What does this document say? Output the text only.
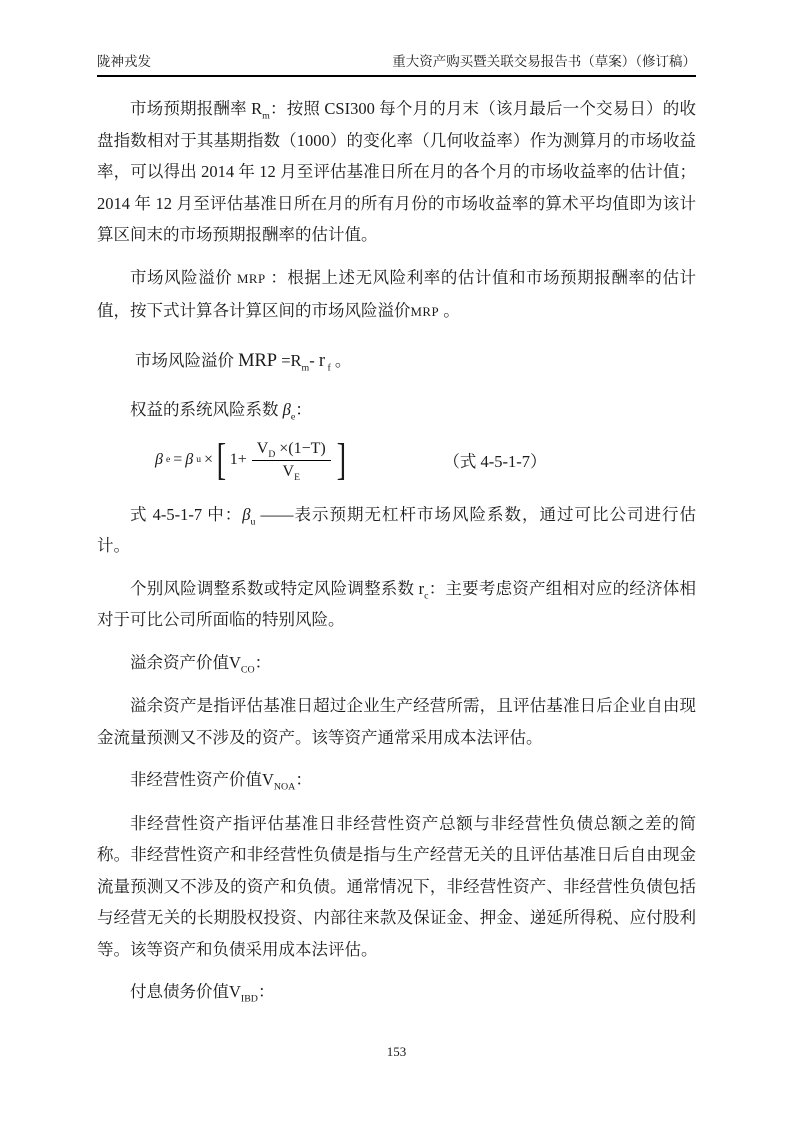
陇神戎发	重大资产购买暨关联交易报告书（草案）（修订稿）

市场预期报酬率 $R_m$：按照 CSI300 每个月的月末（该月最后一个交易日）的收盘指数相对于其基期指数（1000）的变化率（几何收益率）作为测算月的市场收益率，可以得出 2014 年 12 月至评估基准日所在月的各个月的市场收益率的估计值；2014 年 12 月至评估基准日所在月的所有月份的市场收益率的算术平均值即为该计算区间末的市场预期报酬率的估计值。

市场风险溢价 MRP ：根据上述无风险利率的估计值和市场预期报酬率的估计值，按下式计算各计算区间的市场风险溢价MRP 。

市场风险溢价 MRP $=R_m-$ r $_f$ 。

权益的系统风险系数 $\beta_e$：

β e = β u × [ $1+ \frac{V_D \times(1-T)}{V_E}$ ]	（式 4-5-1-7）

式 4-5-1-7 中：$\beta_u$ ——表示预期无杠杆市场风险系数，通过可比公司进行估计。

个别风险调整系数或特定风险调整系数 $r_c$：主要考虑资产组相对应的经济体相对于可比公司所面临的特别风险。

溢余资产价值$V_{CO}$：

溢余资产是指评估基准日超过企业生产经营所需，且评估基准日后企业自由现金流量预测又不涉及的资产。该等资产通常采用成本法评估。

非经营性资产价值$V_{NOA}$：

非经营性资产指评估基准日非经营性资产总额与非经营性负债总额之差的简称。非经营性资产和非经营性负债是指与生产经营无关的且评估基准日后自由现金流量预测又不涉及的资产和负债。通常情况下，非经营性资产、非经营性负债包括与经营无关的长期股权投资、内部往来款及保证金、押金、递延所得税、应付股利等。该等资产和负债采用成本法评估。

付息债务价值$V_{IBD}$：

153
